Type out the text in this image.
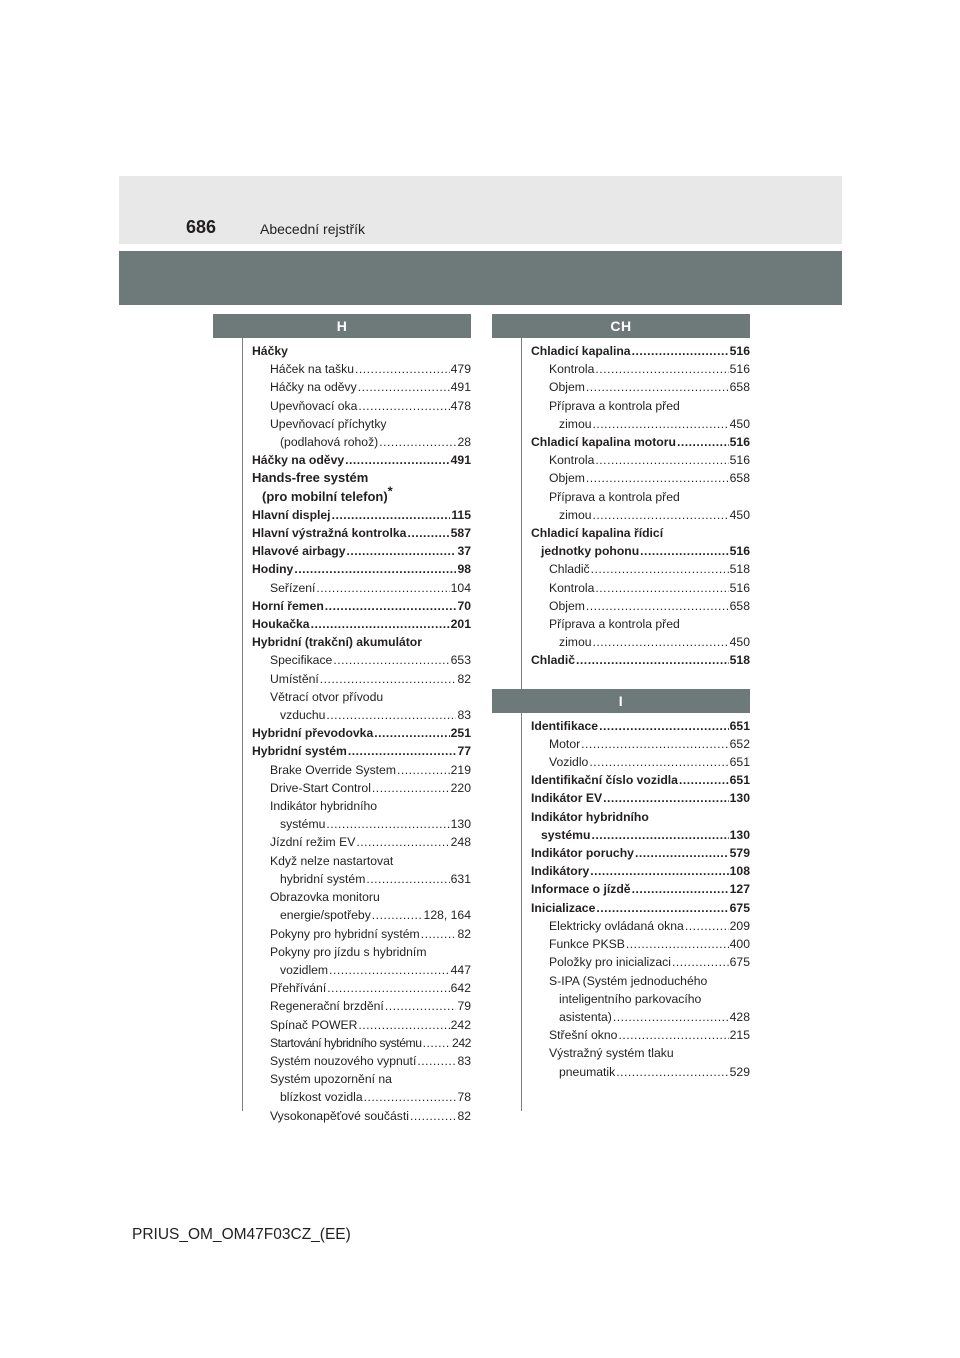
686	Abecední rejstřík
H
Háčky
Háček na tašku .....	479
Háčky na oděvy .....	491
Upevňovací oka .....	478
Upevňovací příchytky
(podlahová rohož) .....	28
Háčky na oděvy .....	491
Hands-free systém
(pro mobilní telefon)*
Hlavní displej .....	115
Hlavní výstražná kontrolka .....	587
Hlavové airbagy .....	37
Hodiny .....	98
Seřízení .....	104
Horní řemen .....	70
Houkačka .....	201
Hybridní (trakční) akumulátor
Specifikace .....	653
Umístění .....	82
Větrací otvor přívodu
vzduchu .....	83
Hybridní převodovka .....	251
Hybridní systém .....	77
Brake Override System .....	219
Drive-Start Control .....	220
Indikátor hybridního
systému .....	130
Jízdní režim EV .....	248
Když nelze nastartovat
hybridní systém .....	631
Obrazovka monitoru
energie/spotřeby .....	128, 164
Pokyny pro hybridní systém .....	82
Pokyny pro jízdu s hybridním
vozidlem .....	447
Přehřívání .....	642
Regenerační brzdění .....	79
Spínač POWER .....	242
Startování hybridního systému ..... 242
Systém nouzového vypnutí .....	83
Systém upozornění na
blízkost vozidla .....	78
Vysokonapěťové součásti .....	82
CH
Chladicí kapalina .....	516
Kontrola .....	516
Objem .....	658
Příprava a kontrola před
zimou .....	450
Chladicí kapalina motoru .....	516
Kontrola .....	516
Objem .....	658
Příprava a kontrola před
zimou .....	450
Chladicí kapalina řídicí
jednotky pohonu .....	516
Chladič .....	518
Kontrola .....	516
Objem .....	658
Příprava a kontrola před
zimou .....	450
Chladič .....	518
I
Identifikace .....	651
Motor .....	652
Vozidlo .....	651
Identifikační číslo vozidla .....	651
Indikátor EV .....	130
Indikátor hybridního
systému .....	130
Indikátor poruchy .....	579
Indikátory .....	108
Informace o jízdě .....	127
Inicializace .....	675
Elektricky ovládaná okna .....	209
Funkce PKSB .....	400
Položky pro inicializaci .....	675
S-IPA (Systém jednoduchého
inteligentního parkovacího
asistenta) .....	428
Střešní okno .....	215
Výstražný systém tlaku
pneumatik .....	529
PRIUS_OM_OM47F03CZ_(EE)
